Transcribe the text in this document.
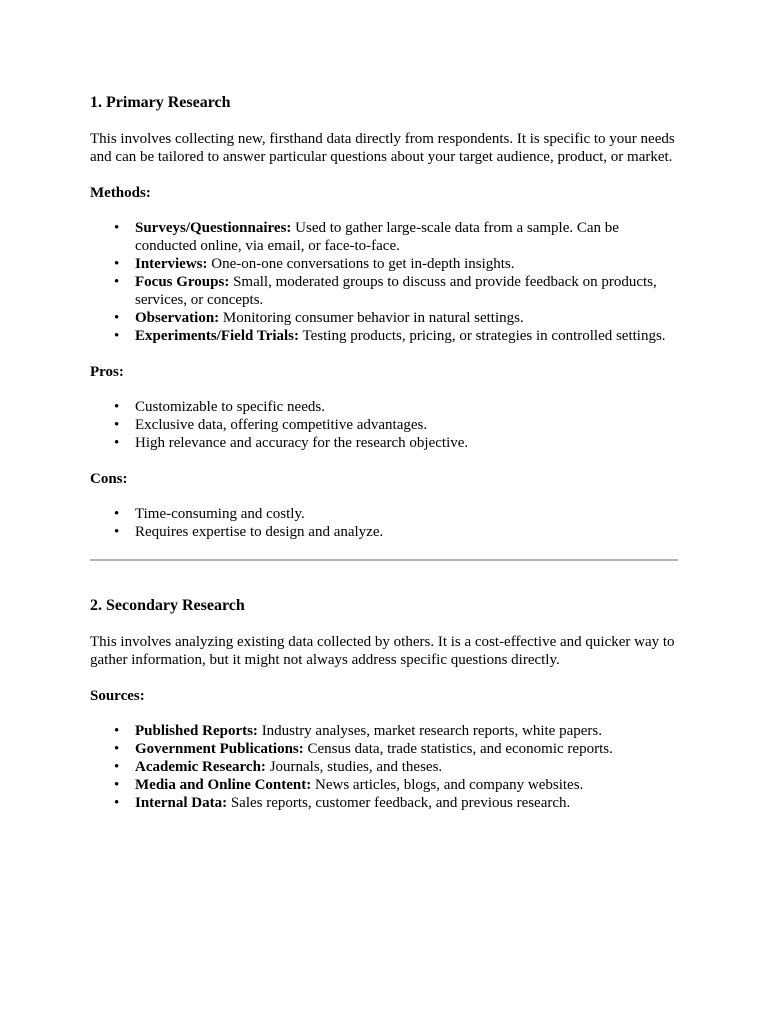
1. Primary Research

This involves collecting new, firsthand data directly from respondents. It is specific to your needs and can be tailored to answer particular questions about your target audience, product, or market.

Methods:

• Surveys/Questionnaires: Used to gather large-scale data from a sample. Can be conducted online, via email, or face-to-face.
• Interviews: One-on-one conversations to get in-depth insights.
• Focus Groups: Small, moderated groups to discuss and provide feedback on products, services, or concepts.
• Observation: Monitoring consumer behavior in natural settings.
• Experiments/Field Trials: Testing products, pricing, or strategies in controlled settings.

Pros:

• Customizable to specific needs.
• Exclusive data, offering competitive advantages.
• High relevance and accuracy for the research objective.

Cons:

• Time-consuming and costly.
• Requires expertise to design and analyze.
2. Secondary Research

This involves analyzing existing data collected by others. It is a cost-effective and quicker way to gather information, but it might not always address specific questions directly.

Sources:

• Published Reports: Industry analyses, market research reports, white papers.
• Government Publications: Census data, trade statistics, and economic reports.
• Academic Research: Journals, studies, and theses.
• Media and Online Content: News articles, blogs, and company websites.
• Internal Data: Sales reports, customer feedback, and previous research.
